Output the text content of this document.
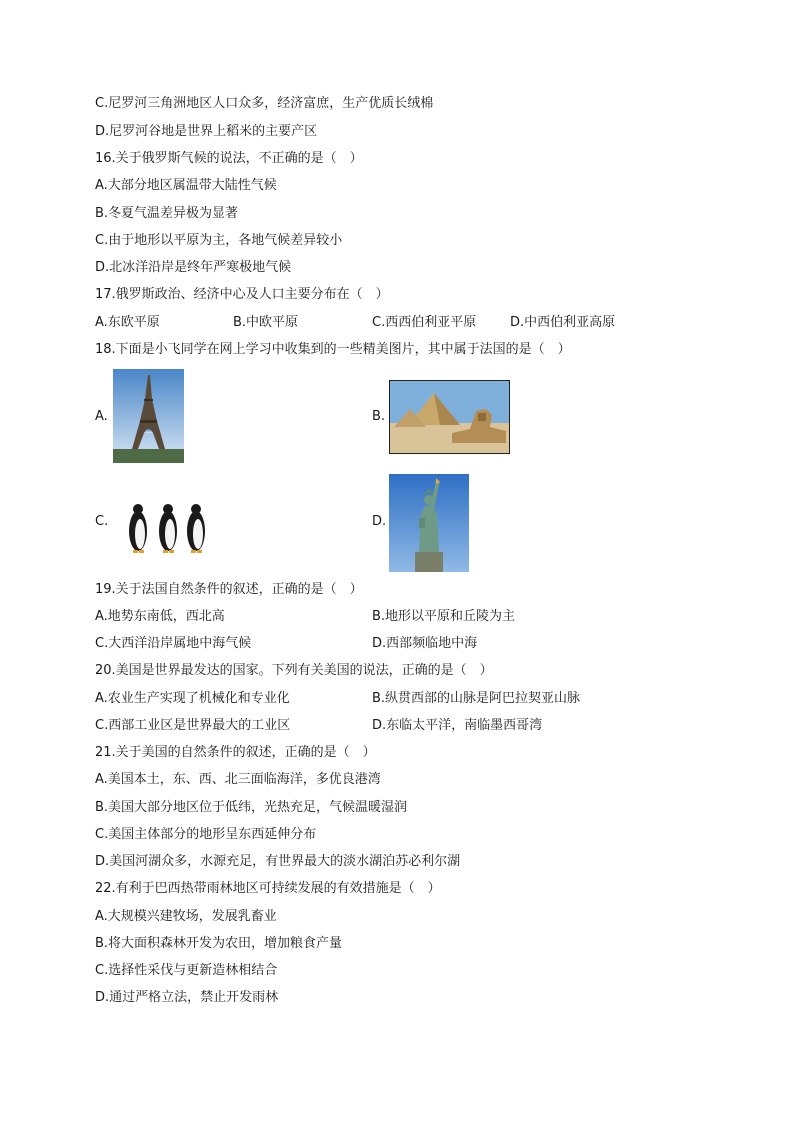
C.尼罗河三角洲地区人口众多，经济富庶，生产优质长绒棉
D.尼罗河谷地是世界上稻米的主要产区
16.关于俄罗斯气候的说法，不正确的是（　）
A.大部分地区属温带大陆性气候
B.冬夏气温差异极为显著
C.由于地形以平原为主，各地气候差异较小
D.北冰洋沿岸是终年严寒极地气候
17.俄罗斯政治、经济中心及人口主要分布在（　）
A.东欧平原	B.中欧平原	C.西西伯利亚平原	D.中西伯利亚高原
18.下面是小飞同学在网上学习中收集到的一些精美图片，其中属于法国的是（　）
A.	B.
C.	D.
19.关于法国自然条件的叙述，正确的是（　）
A.地势东南低，西北高	B.地形以平原和丘陵为主
C.大西洋沿岸属地中海气候	D.西部频临地中海
20.美国是世界最发达的国家。下列有关美国的说法，正确的是（　）
A.农业生产实现了机械化和专业化	B.纵贯西部的山脉是阿巴拉契亚山脉
C.西部工业区是世界最大的工业区	D.东临太平洋，南临墨西哥湾
21.关于美国的自然条件的叙述，正确的是（　）
A.美国本土，东、西、北三面临海洋，多优良港湾
B.美国大部分地区位于低纬，光热充足，气候温暖湿润
C.美国主体部分的地形呈东西延伸分布
D.美国河湖众多，水源充足，有世界最大的淡水湖泊苏必利尔湖
22.有利于巴西热带雨林地区可持续发展的有效措施是（　）
A.大规模兴建牧场，发展乳畜业
B.将大面积森林开发为农田，增加粮食产量
C.选择性采伐与更新造林相结合
D.通过严格立法，禁止开发雨林
